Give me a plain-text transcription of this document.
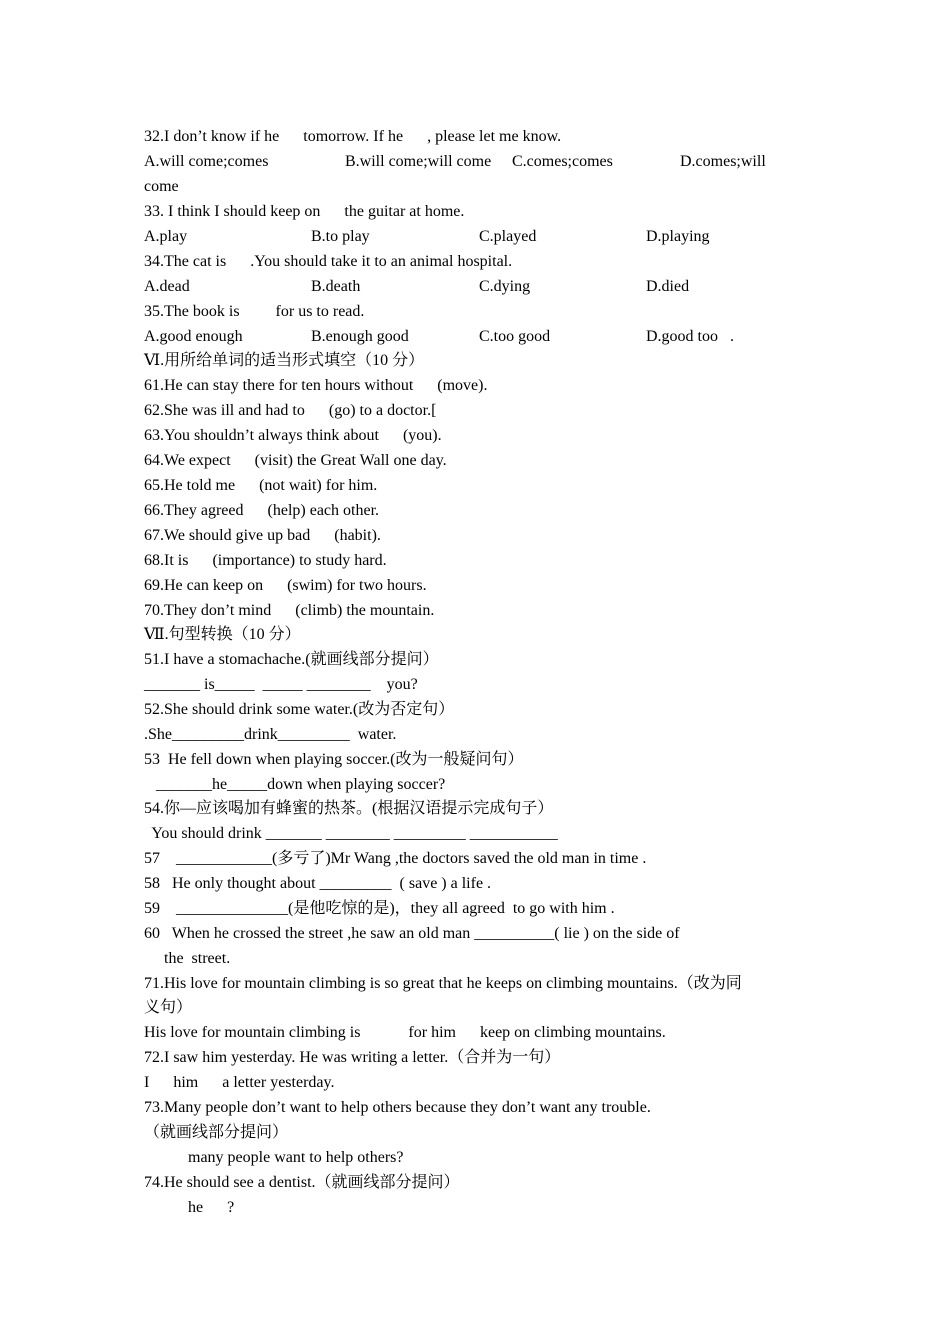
32.I don’t know if he      tomorrow. If he      , please let me know.
A.will come;comes	B.will come;will come C.comes;comes	D.comes;will
come
33. I think I should keep on      the guitar at home.
A.play	B.to play	C.played	D.playing
34.The cat is      .You should take it to an animal hospital.
A.dead	B.death	C.dying	D.died
35.The book is         for us to read.
A.good enough	B.enough good	C.too good	D.good too   .
Ⅵ.用所给单词的适当形式填空（10 分）
61.He can stay there for ten hours without      (move).
62.She was ill and had to      (go) to a doctor.[
63.You shouldn’t always think about      (you).
64.We expect      (visit) the Great Wall one day.
65.He told me      (not wait) for him.
66.They agreed      (help) each other.
67.We should give up bad      (habit).
68.It is      (importance) to study hard.
69.He can keep on      (swim) for two hours.
70.They don’t mind      (climb) the mountain.
Ⅶ.句型转换（10 分）
51.I have a stomachache.(就画线部分提问）
_______ is_____  _____ ________    you?
52.She should drink some water.(改为否定句）
.She_________drink_________  water.
53  He fell down when playing soccer.(改为一般疑问句）
_______he_____down when playing soccer?
54.你—应该喝加有蜂蜜的热茶。(根据汉语提示完成句子）
You should drink _______ ________ _________ ___________
57    ____________(多亏了)Mr Wang ,the doctors saved the old man in time .
58   He only thought about _________  ( save ) a life .
59    ______________(是他吃惊的是)，they all agreed  to go with him .
60   When he crossed the street ,he saw an old man __________( lie ) on the side of
the  street.
71.His love for mountain climbing is so great that he keeps on climbing mountains.（改为同
义句）
His love for mountain climbing is            for him      keep on climbing mountains.
72.I saw him yesterday. He was writing a letter.（合并为一句）
I      him      a letter yesterday.
73.Many people don’t want to help others because they don’t want any trouble.
（就画线部分提问）
many people want to help others?
74.He should see a dentist.（就画线部分提问）
he      ?
